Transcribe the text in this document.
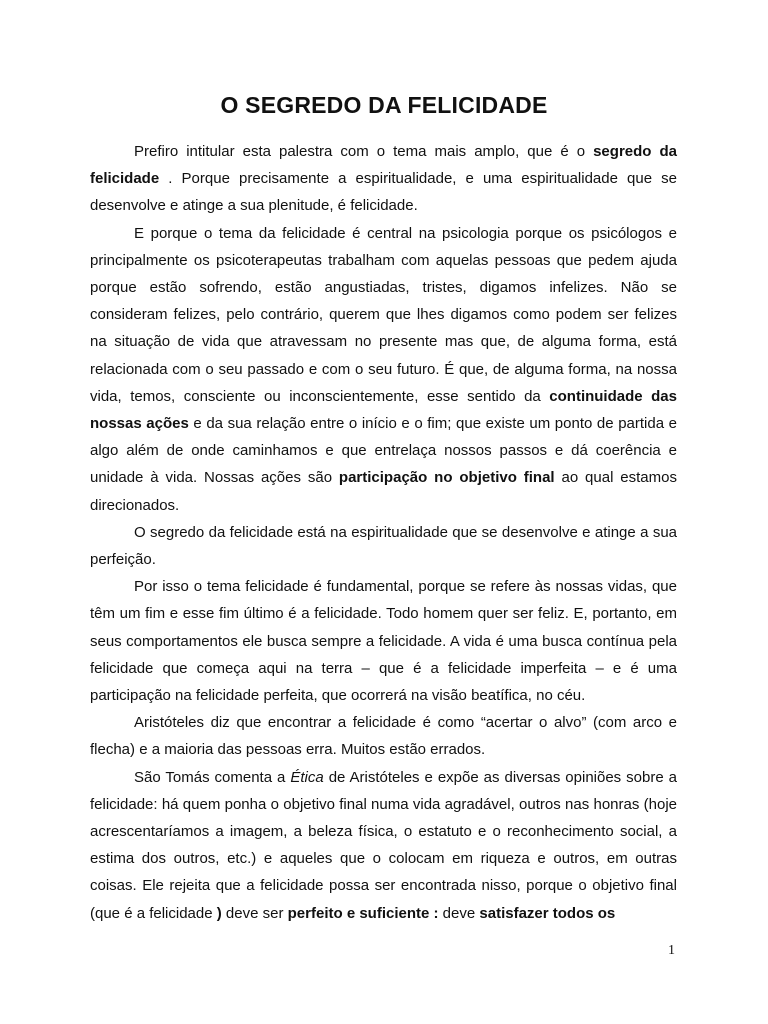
O SEGREDO DA FELICIDADE

Prefiro intitular esta palestra com o tema mais amplo, que é o segredo da felicidade . Porque precisamente a espiritualidade, e uma espiritualidade que se desenvolve e atinge a sua plenitude, é felicidade.

E porque o tema da felicidade é central na psicologia porque os psicólogos e principalmente os psicoterapeutas trabalham com aquelas pessoas que pedem ajuda porque estão sofrendo, estão angustiadas, tristes, digamos infelizes. Não se consideram felizes, pelo contrário, querem que lhes digamos como podem ser felizes na situação de vida que atravessam no presente mas que, de alguma forma, está relacionada com o seu passado e com o seu futuro. É que, de alguma forma, na nossa vida, temos, consciente ou inconscientemente, esse sentido da continuidade das nossas ações e da sua relação entre o início e o fim; que existe um ponto de partida e algo além de onde caminhamos e que entrelaça nossos passos e dá coerência e unidade à vida. Nossas ações são participação no objetivo final ao qual estamos direcionados.

O segredo da felicidade está na espiritualidade que se desenvolve e atinge a sua perfeição.

Por isso o tema felicidade é fundamental, porque se refere às nossas vidas, que têm um fim e esse fim último é a felicidade. Todo homem quer ser feliz. E, portanto, em seus comportamentos ele busca sempre a felicidade. A vida é uma busca contínua pela felicidade que começa aqui na terra – que é a felicidade imperfeita – e é uma participação na felicidade perfeita, que ocorrerá na visão beatífica, no céu.

Aristóteles diz que encontrar a felicidade é como “acertar o alvo” (com arco e flecha) e a maioria das pessoas erra. Muitos estão errados.

São Tomás comenta a Ética de Aristóteles e expõe as diversas opiniões sobre a felicidade: há quem ponha o objetivo final numa vida agradável, outros nas honras (hoje acrescentaríamos a imagem, a beleza física, o estatuto e o reconhecimento social, a estima dos outros, etc.) e aqueles que o colocam em riqueza e outros, em outras coisas. Ele rejeita que a felicidade possa ser encontrada nisso, porque o objetivo final (que é a felicidade ) deve ser perfeito e suficiente : deve satisfazer todos os

1
